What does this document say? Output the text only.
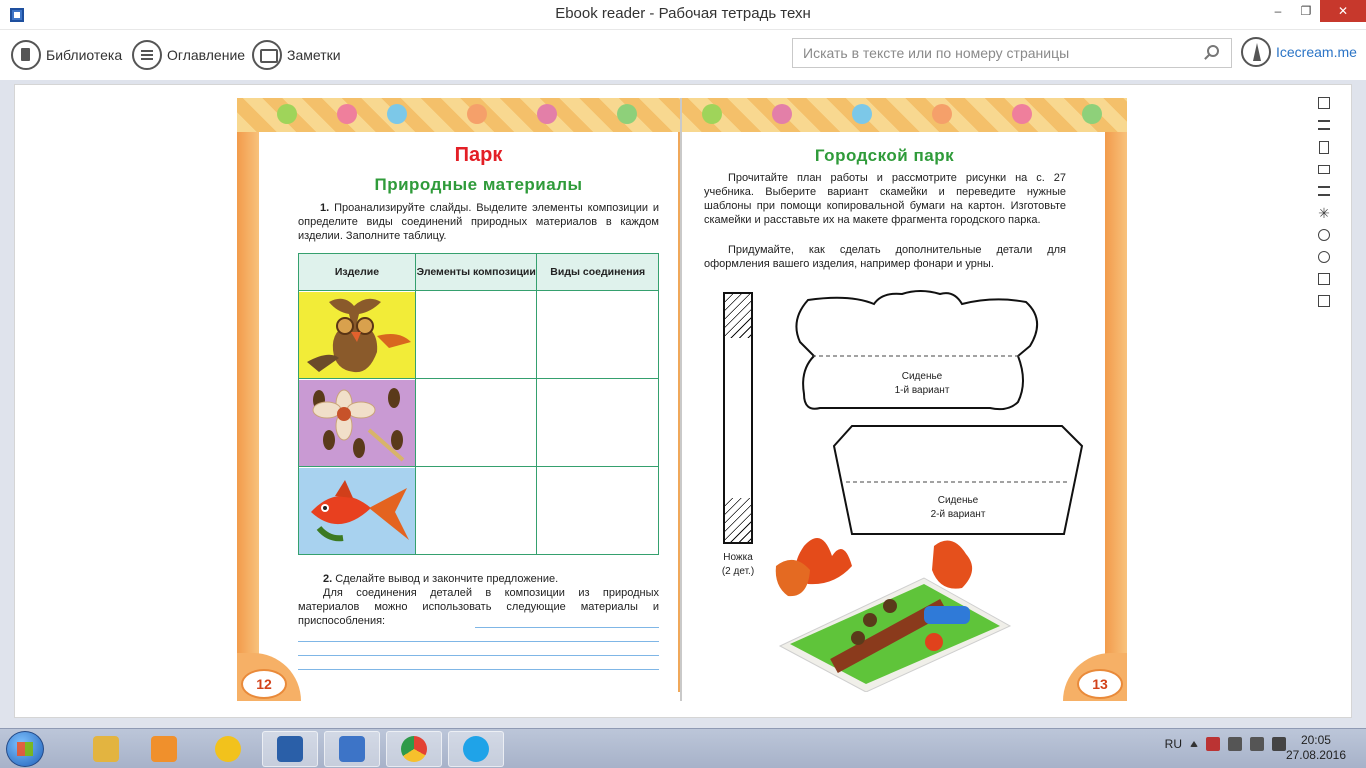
Ebook reader - Рабочая тетрадь техн	‒	❐	✕
Библиотека	Оглавление	Заметки
Искать в тексте или по номеру страницы	Icecream.me
✳
12
Парк
Природные материалы
1. Проанализируйте слайды. Выделите элементы композиции и определите виды соединений природных материалов в каждом изделии. Заполните таблицу.
Изделие	Элементы композиции	Виды соединения

2. Сделайте вывод и закончите предложение.
Для соединения деталей в композиции из природных материалов можно использовать следующие материалы и приспособления:
13
Городской парк
Прочитайте план работы и рассмотрите рисунки на с. 27 учебника. Выберите вариант скамейки и переведите нужные шаблоны при помощи копировальной бумаги на картон. Изготовьте скамейки и расставьте их на макете фрагмента городского парка.
Придумайте, как сделать дополнительные детали для оформления вашего изделия, например фонари и урны.
Ножка
(2 дет.)
Сиденье
1-й вариант
Сиденье
2-й вариант
RU	20:05
27.08.2016
